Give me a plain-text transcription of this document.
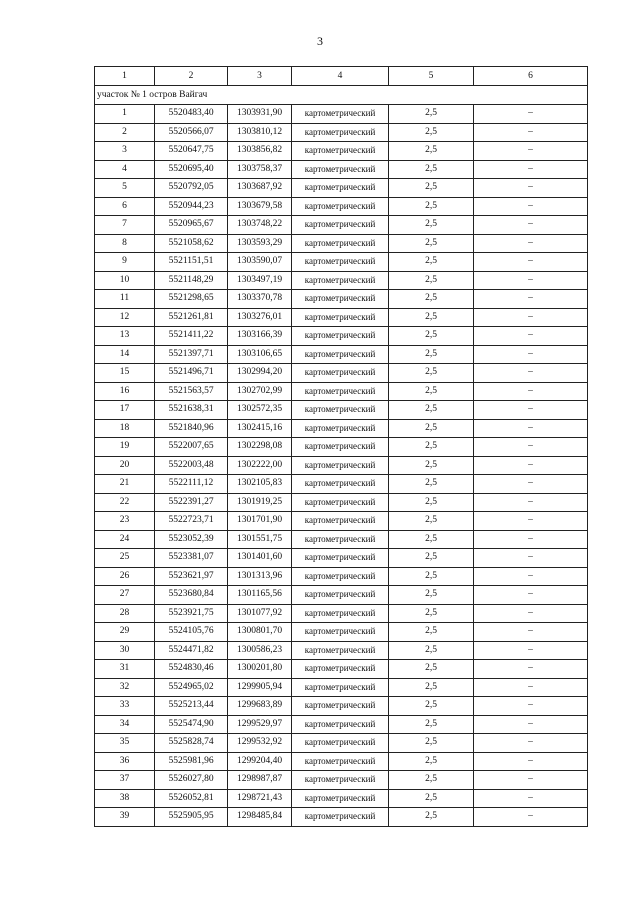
3
1	2	3	4	5	6
участок № 1 остров Вайгач					
1	5520483,40	1303931,90	картометрический	2,5	–
2	5520566,07	1303810,12	картометрический	2,5	–
3	5520647,75	1303856,82	картометрический	2,5	–
4	5520695,40	1303758,37	картометрический	2,5	–
5	5520792,05	1303687,92	картометрический	2,5	–
6	5520944,23	1303679,58	картометрический	2,5	–
7	5520965,67	1303748,22	картометрический	2,5	–
8	5521058,62	1303593,29	картометрический	2,5	–
9	5521151,51	1303590,07	картометрический	2,5	–
10	5521148,29	1303497,19	картометрический	2,5	–
11	5521298,65	1303370,78	картометрический	2,5	–
12	5521261,81	1303276,01	картометрический	2,5	–
13	5521411,22	1303166,39	картометрический	2,5	–
14	5521397,71	1303106,65	картометрический	2,5	–
15	5521496,71	1302994,20	картометрический	2,5	–
16	5521563,57	1302702,99	картометрический	2,5	–
17	5521638,31	1302572,35	картометрический	2,5	–
18	5521840,96	1302415,16	картометрический	2,5	–
19	5522007,65	1302298,08	картометрический	2,5	–
20	5522003,48	1302222,00	картометрический	2,5	–
21	5522111,12	1302105,83	картометрический	2,5	–
22	5522391,27	1301919,25	картометрический	2,5	–
23	5522723,71	1301701,90	картометрический	2,5	–
24	5523052,39	1301551,75	картометрический	2,5	–
25	5523381,07	1301401,60	картометрический	2,5	–
26	5523621,97	1301313,96	картометрический	2,5	–
27	5523680,84	1301165,56	картометрический	2,5	–
28	5523921,75	1301077,92	картометрический	2,5	–
29	5524105,76	1300801,70	картометрический	2,5	–
30	5524471,82	1300586,23	картометрический	2,5	–
31	5524830,46	1300201,80	картометрический	2,5	–
32	5524965,02	1299905,94	картометрический	2,5	–
33	5525213,44	1299683,89	картометрический	2,5	–
34	5525474,90	1299529,97	картометрический	2,5	–
35	5525828,74	1299532,92	картометрический	2,5	–
36	5525981,96	1299204,40	картометрический	2,5	–
37	5526027,80	1298987,87	картометрический	2,5	–
38	5526052,81	1298721,43	картометрический	2,5	–
39	5525905,95	1298485,84	картометрический	2,5	–
